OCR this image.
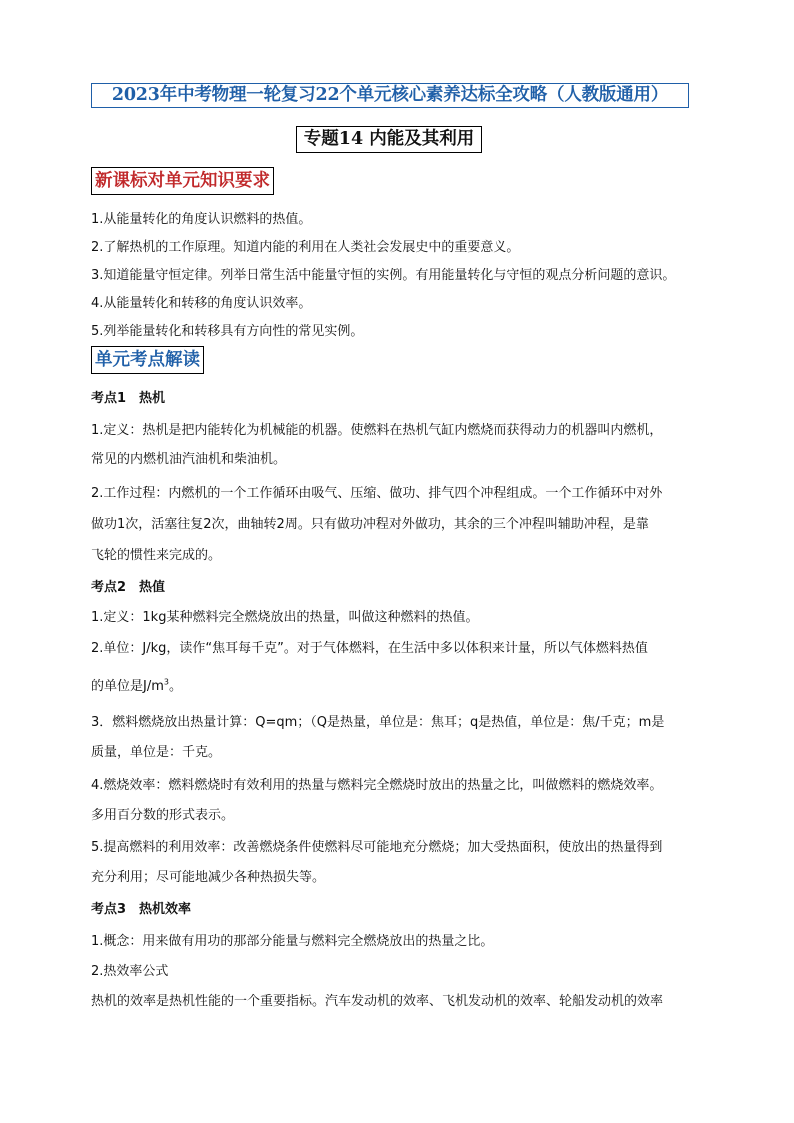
2023年中考物理一轮复习22个单元核心素养达标全攻略（人教版通用）
专题14 内能及其利用
新课标对单元知识要求
1.从能量转化的角度认识燃料的热值。
2.了解热机的工作原理。知道内能的利用在人类社会发展史中的重要意义。
3.知道能量守恒定律。列举日常生活中能量守恒的实例。有用能量转化与守恒的观点分析问题的意识。
4.从能量转化和转移的角度认识效率。
5.列举能量转化和转移具有方向性的常见实例。
单元考点解读
考点1　热机
1.定义：热机是把内能转化为机械能的机器。使燃料在热机气缸内燃烧而获得动力的机器叫内燃机，
常见的内燃机油汽油机和柴油机。
2.工作过程：内燃机的一个工作循环由吸气、压缩、做功、排气四个冲程组成。一个工作循环中对外
做功1次，活塞往复2次，曲轴转2周。只有做功冲程对外做功，其余的三个冲程叫辅助冲程，是靠
飞轮的惯性来完成的。
考点2　热值
1.定义：1kg某种燃料完全燃烧放出的热量，叫做这种燃料的热值。
2.单位：J/kg，读作“焦耳每千克”。对于气体燃料，在生活中多以体积来计量，所以气体燃料热值
的单位是$J/m^3$。
3．燃料燃烧放出热量计算：Q=qm；（Q是热量，单位是：焦耳；q是热值，单位是：焦/千克；m是
质量，单位是：千克。
4.燃烧效率：燃料燃烧时有效利用的热量与燃料完全燃烧时放出的热量之比，叫做燃料的燃烧效率。
多用百分数的形式表示。
5.提高燃料的利用效率：改善燃烧条件使燃料尽可能地充分燃烧；加大受热面积，使放出的热量得到
充分利用；尽可能地减少各种热损失等。
考点3　热机效率
1.概念：用来做有用功的那部分能量与燃料完全燃烧放出的热量之比。
2.热效率公式
热机的效率是热机性能的一个重要指标。汽车发动机的效率、飞机发动机的效率、轮船发动机的效率
